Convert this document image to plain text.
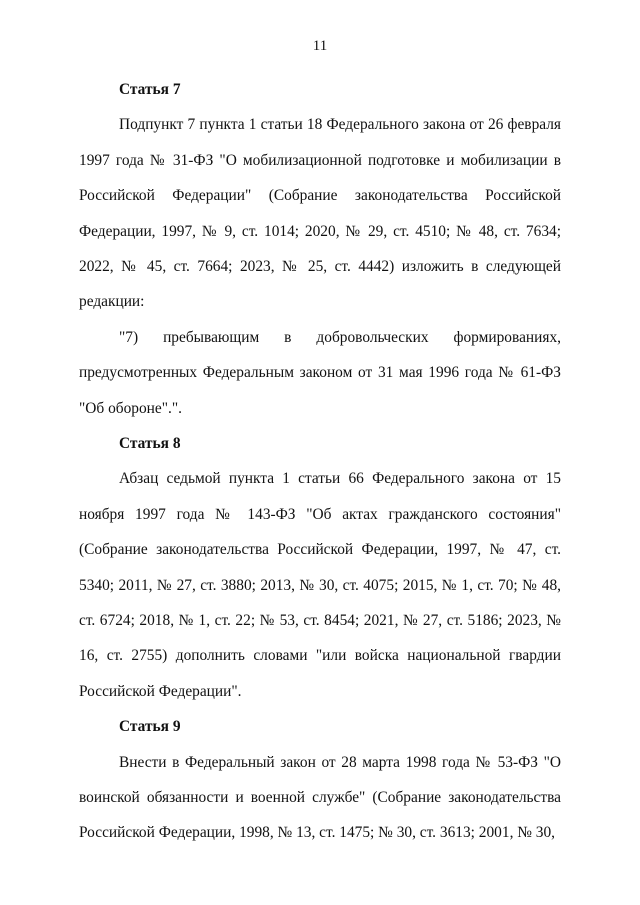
11

Статья 7

Подпункт 7 пункта 1 статьи 18 Федерального закона от 26 февраля 1997 года № 31-ФЗ "О мобилизационной подготовке и мобилизации в Российской Федерации" (Собрание законодательства Российской Федерации, 1997, № 9, ст. 1014; 2020, № 29, ст. 4510; № 48, ст. 7634; 2022, № 45, ст. 7664; 2023, № 25, ст. 4442) изложить в следующей редакции:

"7) пребывающим в добровольческих формированиях, предусмотренных Федеральным законом от 31 мая 1996 года № 61-ФЗ "Об обороне".".

Статья 8

Абзац седьмой пункта 1 статьи 66 Федерального закона от 15 ноября 1997 года № 143-ФЗ "Об актах гражданского состояния" (Собрание законодательства Российской Федерации, 1997, № 47, ст. 5340; 2011, № 27, ст. 3880; 2013, № 30, ст. 4075; 2015, № 1, ст. 70; № 48, ст. 6724; 2018, № 1, ст. 22; № 53, ст. 8454; 2021, № 27, ст. 5186; 2023, № 16, ст. 2755) дополнить словами "или войска национальной гвардии Российской Федерации".

Статья 9

Внести в Федеральный закон от 28 марта 1998 года № 53-ФЗ "О воинской обязанности и военной службе" (Собрание законодательства Российской Федерации, 1998, № 13, ст. 1475; № 30, ст. 3613; 2001, № 30,
